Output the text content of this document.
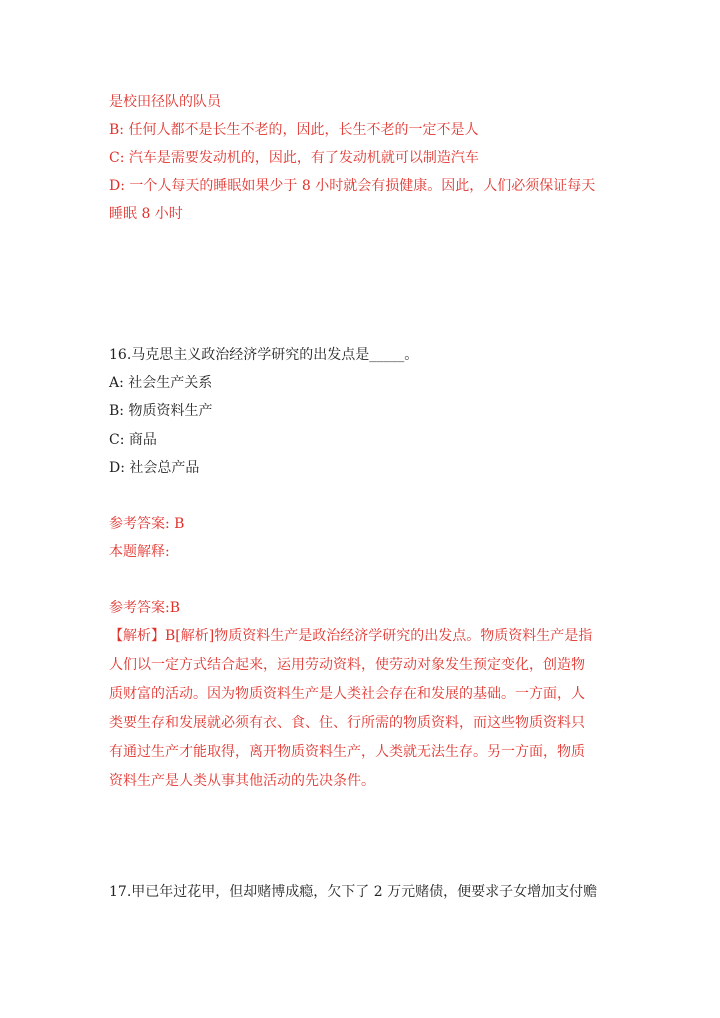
是校田径队的队员
B: 任何人都不是长生不老的，因此，长生不老的一定不是人
C: 汽车是需要发动机的，因此，有了发动机就可以制造汽车
D: 一个人每天的睡眠如果少于 8 小时就会有损健康。因此，人们必须保证每天
睡眠 8 小时
16.马克思主义政治经济学研究的出发点是_____。
A: 社会生产关系
B: 物质资料生产
C: 商品
D: 社会总产品
参考答案: B
本题解释:
参考答案:B
【解析】B[解析]物质资料生产是政治经济学研究的出发点。物质资料生产是指
人们以一定方式结合起来，运用劳动资料，使劳动对象发生预定变化，创造物
质财富的活动。因为物质资料生产是人类社会存在和发展的基础。一方面，人
类要生存和发展就必须有衣、食、住、行所需的物质资料，而这些物质资料只
有通过生产才能取得，离开物质资料生产，人类就无法生存。另一方面，物质
资料生产是人类从事其他活动的先决条件。
17.甲已年过花甲，但却赌博成瘾，欠下了 2 万元赌债，便要求子女增加支付赡
